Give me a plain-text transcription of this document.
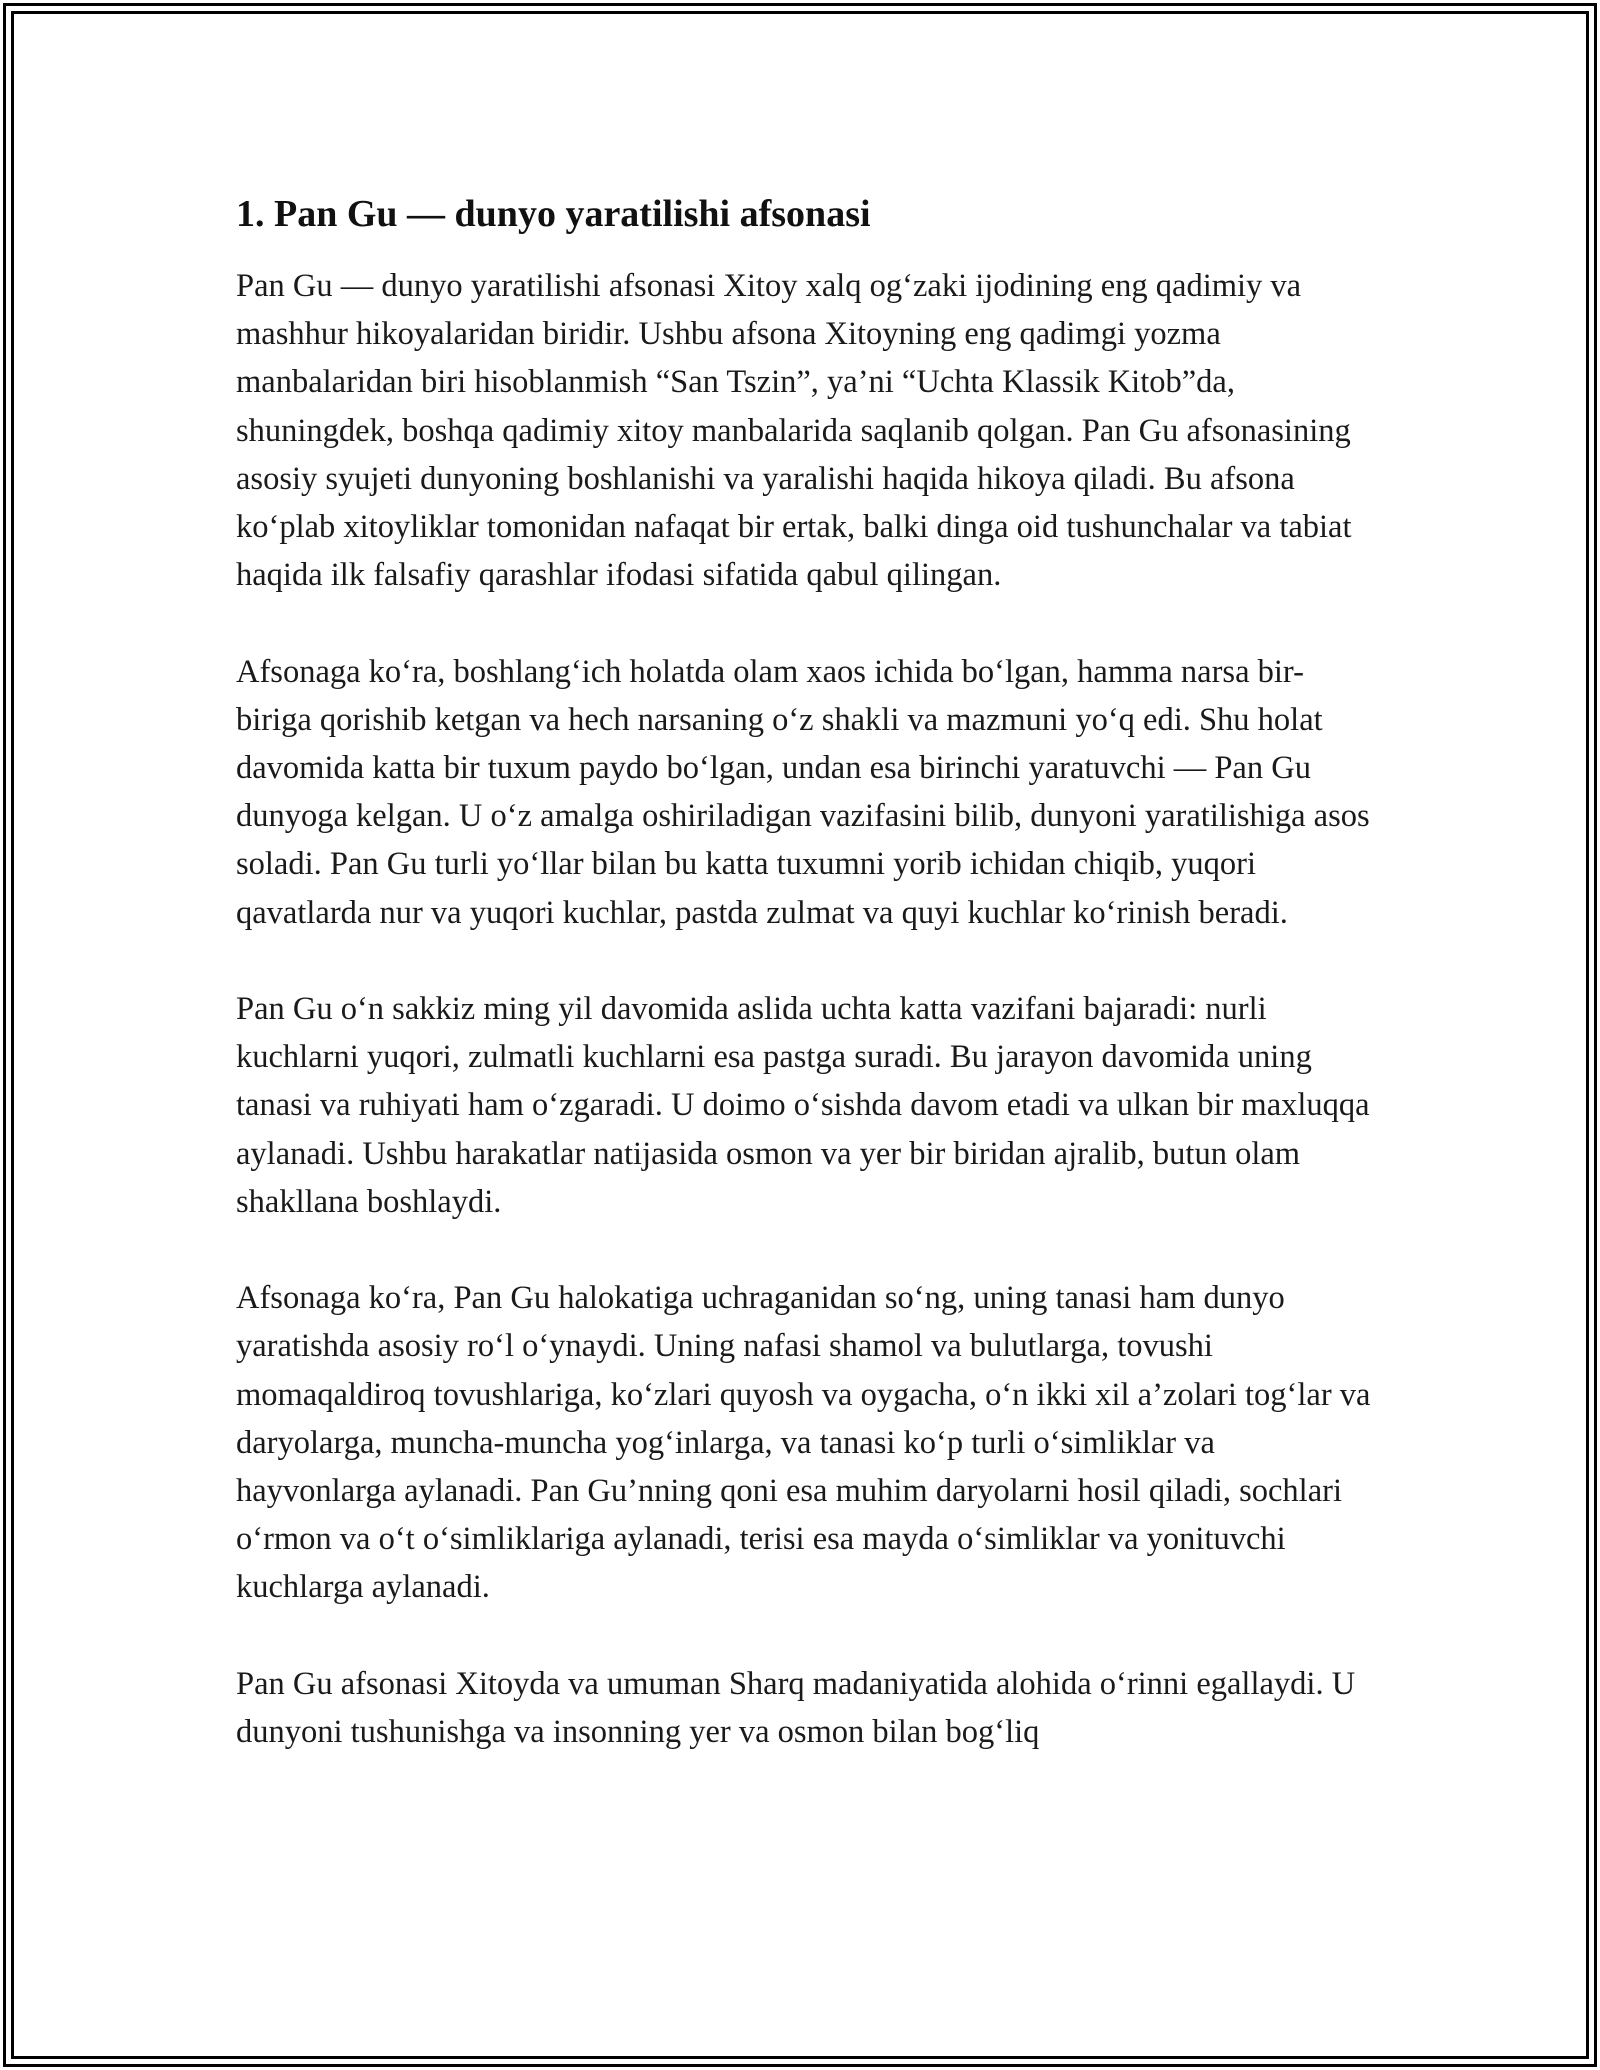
1. Pan Gu — dunyo yaratilishi afsonasi

Pan Gu — dunyo yaratilishi afsonasi Xitoy xalq og‘zaki ijodining eng qadimiy va mashhur hikoyalaridan biridir. Ushbu afsona Xitoyning eng qadimgi yozma manbalaridan biri hisoblanmish “San Tszin”, ya’ni “Uchta Klassik Kitob”da, shuningdek, boshqa qadimiy xitoy manbalarida saqlanib qolgan. Pan Gu afsonasining asosiy syujeti dunyoning boshlanishi va yaralishi haqida hikoya qiladi. Bu afsona ko‘plab xitoyliklar tomonidan nafaqat bir ertak, balki dinga oid tushunchalar va tabiat haqida ilk falsafiy qarashlar ifodasi sifatida qabul qilingan.

Afsonaga ko‘ra, boshlang‘ich holatda olam xaos ichida bo‘lgan, hamma narsa bir-biriga qorishib ketgan va hech narsaning o‘z shakli va mazmuni yo‘q edi. Shu holat davomida katta bir tuxum paydo bo‘lgan, undan esa birinchi yaratuvchi — Pan Gu dunyoga kelgan. U o‘z amalga oshiriladigan vazifasini bilib, dunyoni yaratilishiga asos soladi. Pan Gu turli yo‘llar bilan bu katta tuxumni yorib ichidan chiqib, yuqori qavatlarda nur va yuqori kuchlar, pastda zulmat va quyi kuchlar ko‘rinish beradi.

Pan Gu o‘n sakkiz ming yil davomida aslida uchta katta vazifani bajaradi: nurli kuchlarni yuqori, zulmatli kuchlarni esa pastga suradi. Bu jarayon davomida uning tanasi va ruhiyati ham o‘zgaradi. U doimo o‘sishda davom etadi va ulkan bir maxluqqa aylanadi. Ushbu harakatlar natijasida osmon va yer bir biridan ajralib, butun olam shakllana boshlaydi.

Afsonaga ko‘ra, Pan Gu halokatiga uchraganidan so‘ng, uning tanasi ham dunyo yaratishda asosiy ro‘l o‘ynaydi. Uning nafasi shamol va bulutlarga, tovushi momaqaldiroq tovushlariga, ko‘zlari quyosh va oygacha, o‘n ikki xil a’zolari tog‘lar va daryolarga, muncha-muncha yog‘inlarga, va tanasi ko‘p turli o‘simliklar va hayvonlarga aylanadi. Pan Gu’nning qoni esa muhim daryolarni hosil qiladi, sochlari o‘rmon va o‘t o‘simliklariga aylanadi, terisi esa mayda o‘simliklar va yonituvchi kuchlarga aylanadi.

Pan Gu afsonasi Xitoyda va umuman Sharq madaniyatida alohida o‘rinni egallaydi. U dunyoni tushunishga va insonning yer va osmon bilan bog‘liq
